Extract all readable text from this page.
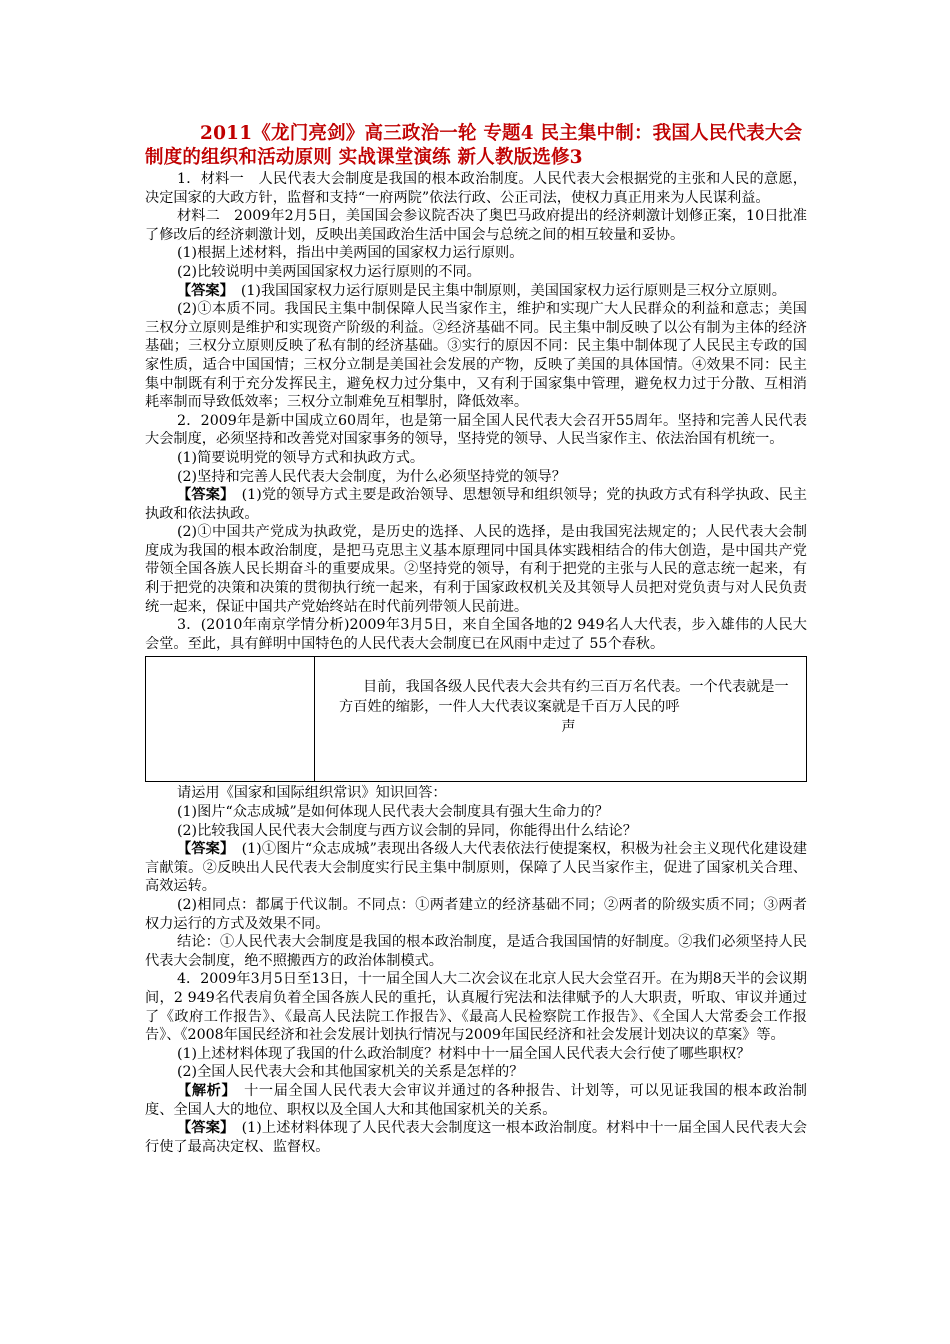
2011《龙门亮剑》高三政治一轮 专题4 民主集中制：我国人民代表大会制度的组织和活动原则 实战课堂演练 新人教版选修3

1．材料一　人民代表大会制度是我国的根本政治制度。人民代表大会根据党的主张和人民的意愿，决定国家的大政方针，监督和支持“一府两院”依法行政、公正司法，使权力真正用来为人民谋利益。

材料二　2009年2月5日，美国国会参议院否决了奥巴马政府提出的经济刺激计划修正案，10日批准了修改后的经济刺激计划，反映出美国政治生活中国会与总统之间的相互较量和妥协。

(1)根据上述材料，指出中美两国的国家权力运行原则。

(2)比较说明中美两国国家权力运行原则的不同。

【答案】　(1)我国国家权力运行原则是民主集中制原则，美国国家权力运行原则是三权分立原则。

(2)①本质不同。我国民主集中制保障人民当家作主，维护和实现广大人民群众的利益和意志；美国三权分立原则是维护和实现资产阶级的利益。②经济基础不同。民主集中制反映了以公有制为主体的经济基础；三权分立原则反映了私有制的经济基础。③实行的原因不同：民主集中制体现了人民民主专政的国家性质，适合中国国情；三权分立制是美国社会发展的产物，反映了美国的具体国情。④效果不同：民主集中制既有利于充分发挥民主，避免权力过分集中，又有利于国家集中管理，避免权力过于分散、互相消耗率制而导致低效率；三权分立制难免互相掣肘，降低效率。

2．2009年是新中国成立60周年，也是第一届全国人民代表大会召开55周年。坚持和完善人民代表大会制度，必须坚持和改善党对国家事务的领导，坚持党的领导、人民当家作主、依法治国有机统一。

(1)简要说明党的领导方式和执政方式。

(2)坚持和完善人民代表大会制度，为什么必须坚持党的领导？

【答案】　(1)党的领导方式主要是政治领导、思想领导和组织领导；党的执政方式有科学执政、民主执政和依法执政。

(2)①中国共产党成为执政党，是历史的选择、人民的选择，是由我国宪法规定的；人民代表大会制度成为我国的根本政治制度，是把马克思主义基本原理同中国具体实践相结合的伟大创造，是中国共产党带领全国各族人民长期奋斗的重要成果。②坚持党的领导，有利于把党的主张与人民的意志统一起来，有利于把党的决策和决策的贯彻执行统一起来，有利于国家政权机关及其领导人员把对党负责与对人民负责统一起来，保证中国共产党始终站在时代前列带领人民前进。

3．(2010年南京学情分析)2009年3月5日，来自全国各地的2 949名人大代表，步入雄伟的人民大会堂。至此，具有鲜明中国特色的人民代表大会制度已在风雨中走过了 55个春秋。

目前，我国各级人民代表大会共有约三百万名代表。一个代表就是一方百姓的缩影，一件人大代表议案就是千百万人民的呼
声

请运用《国家和国际组织常识》知识回答：

(1)图片“众志成城”是如何体现人民代表大会制度具有强大生命力的？

(2)比较我国人民代表大会制度与西方议会制的异同，你能得出什么结论？

【答案】　(1)①图片“众志成城”表现出各级人大代表依法行使提案权，积极为社会主义现代化建设建言献策。②反映出人民代表大会制度实行民主集中制原则，保障了人民当家作主，促进了国家机关合理、高效运转。

(2)相同点：都属于代议制。不同点：①两者建立的经济基础不同；②两者的阶级实质不同；③两者权力运行的方式及效果不同。

结论：①人民代表大会制度是我国的根本政治制度，是适合我国国情的好制度。②我们必须坚持人民代表大会制度，绝不照搬西方的政治体制模式。

4．2009年3月5日至13日，十一届全国人大二次会议在北京人民大会堂召开。在为期8天半的会议期间，2 949名代表肩负着全国各族人民的重托，认真履行宪法和法律赋予的人大职责，听取、审议并通过了《政府工作报告》、《最高人民法院工作报告》、《最高人民检察院工作报告》、《全国人大常委会工作报告》、《2008年国民经济和社会发展计划执行情况与2009年国民经济和社会发展计划决议的草案》等。

(1)上述材料体现了我国的什么政治制度？材料中十一届全国人民代表大会行使了哪些职权？

(2)全国人民代表大会和其他国家机关的关系是怎样的？

【解析】　十一届全国人民代表大会审议并通过的各种报告、计划等，可以见证我国的根本政治制度、全国人大的地位、职权以及全国人大和其他国家机关的关系。

【答案】　(1)上述材料体现了人民代表大会制度这一根本政治制度。材料中十一届全国人民代表大会行使了最高决定权、监督权。
